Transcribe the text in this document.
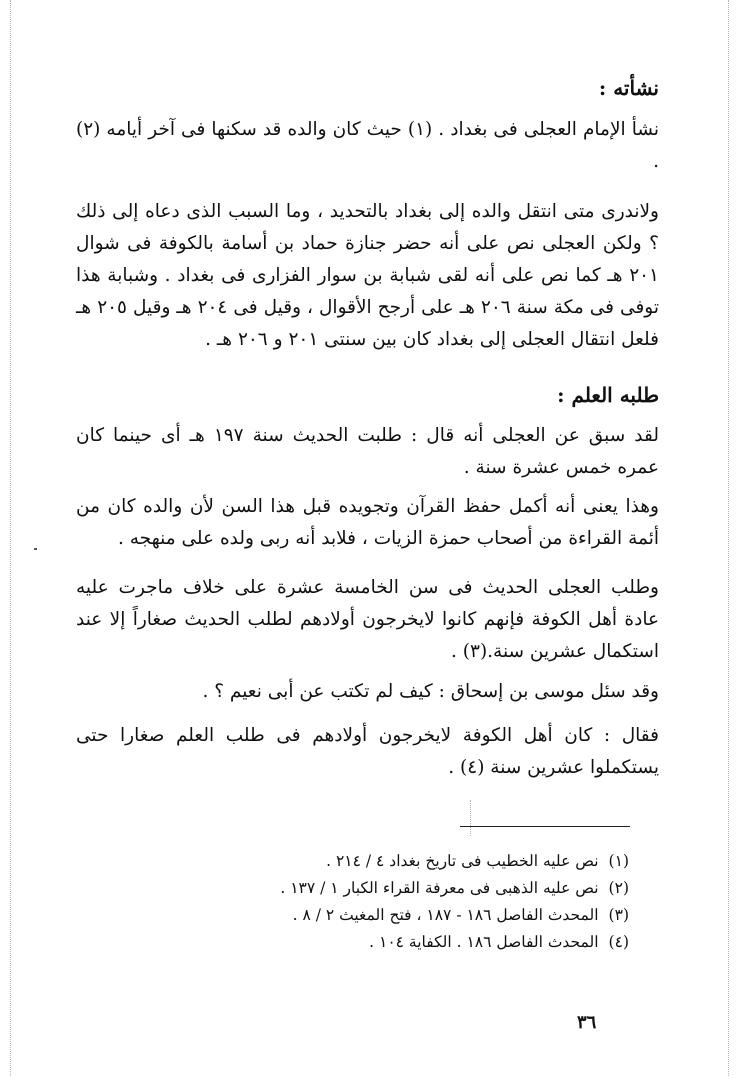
نشأته :

نشأ الإمام العجلى فى بغداد . (١) حيث كان والده قد سكنها فى آخر أيامه (٢) .

ولاندرى متى انتقل والده إلى بغداد بالتحديد ، وما السبب الذى دعاه إلى ذلك ؟ ولكن العجلى نص على أنه حضر جنازة حماد بن أسامة بالكوفة فى شوال ٢٠١ هـ كما نص على أنه لقى شبابة بن سوار الفزارى فى بغداد . وشبابة هذا توفى فى مكة سنة ٢٠٦ هـ على أرجح الأقوال ، وقيل فى ٢٠٤ هـ وقيل ٢٠٥ هـ فلعل انتقال العجلى إلى بغداد كان بين سنتى ٢٠١ و ٢٠٦ هـ .

طلبه العلم :

لقد سبق عن العجلى أنه قال : طلبت الحديث سنة ١٩٧ هـ أى حينما كان عمره خمس عشرة سنة .

وهذا يعنى أنه أكمل حفظ القرآن وتجويده قبل هذا السن لأن والده كان من أئمة القراءة من أصحاب حمزة الزيات ، فلابد أنه ربى ولده على منهجه .

وطلب العجلى الحديث فى سن الخامسة عشرة على خلاف ماجرت عليه عادة أهل الكوفة فإنهم كانوا لايخرجون أولادهم لطلب الحديث صغاراً إلا عند استكمال عشرين سنة.(٣) .

وقد سئل موسى بن إسحاق : كيف لم تكتب عن أبى نعيم ؟ .

فقال : كان أهل الكوفة لايخرجون أولادهم فى طلب العلم صغارا حتى يستكملوا عشرين سنة (٤) .

(١)نص عليه الخطيب فى تاريخ بغداد ٤ / ٢١٤ .
(٢)نص عليه الذهبى فى معرفة القراء الكبار ١ / ١٣٧ .
(٣)المحدث الفاصل ١٨٦ - ١٨٧ ، فتح المغيث ٢ / ٨ .
(٤)المحدث الفاصل ١٨٦ . الكفاية ١٠٤ .
٣٦
